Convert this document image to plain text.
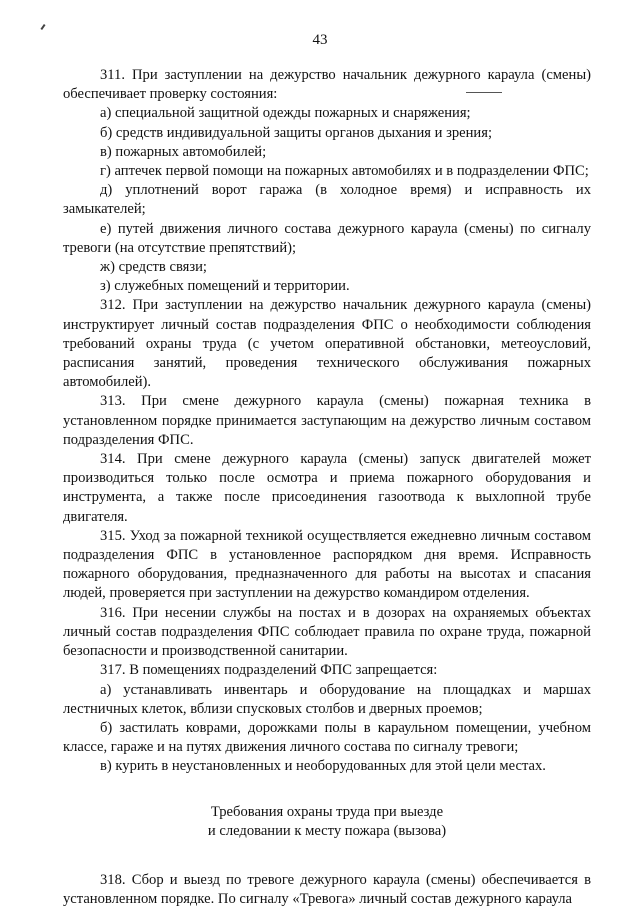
43

311. При заступлении на дежурство начальник дежурного караула (смены) обеспечивает проверку состояния:

а) специальной защитной одежды пожарных и снаряжения;

б) средств индивидуальной защиты органов дыхания и зрения;

в) пожарных автомобилей;

г) аптечек первой помощи на пожарных автомобилях и в подразделении ФПС;

д) уплотнений ворот гаража (в холодное время) и исправность их замыкателей;

е) путей движения личного состава дежурного караула (смены) по сигналу тревоги (на отсутствие препятствий);

ж) средств связи;

з) служебных помещений и территории.

312. При заступлении на дежурство начальник дежурного караула (смены) инструктирует личный состав подразделения ФПС о необходимости соблюдения требований охраны труда (с учетом оперативной обстановки, метеоусловий, расписания занятий, проведения технического обслуживания пожарных автомобилей).

313. При смене дежурного караула (смены) пожарная техника в установленном порядке принимается заступающим на дежурство личным составом подразделения ФПС.

314. При смене дежурного караула (смены) запуск двигателей может производиться только после осмотра и приема пожарного оборудования и инструмента, а также после присоединения газоотвода к выхлопной трубе двигателя.

315. Уход за пожарной техникой осуществляется ежедневно личным составом подразделения ФПС в установленное распорядком дня время. Исправность пожарного оборудования, предназначенного для работы на высотах и спасания людей, проверяется при заступлении на дежурство командиром отделения.

316. При несении службы на постах и в дозорах на охраняемых объектах личный состав подразделения ФПС соблюдает правила по охране труда, пожарной безопасности и производственной санитарии.

317. В помещениях подразделений ФПС запрещается:

а) устанавливать инвентарь и оборудование на площадках и маршах лестничных клеток, вблизи спусковых столбов и дверных проемов;

б) застилать коврами, дорожками полы в караульном помещении, учебном классе, гараже и на путях движения личного состава по сигналу тревоги;

в) курить в неустановленных и необорудованных для этой цели местах.

Требования охраны труда при выезде
и следовании к месту пожара (вызова)

318. Сбор и выезд по тревоге дежурного караула (смены) обеспечивается в установленном порядке. По сигналу «Тревога» личный состав дежурного караула
